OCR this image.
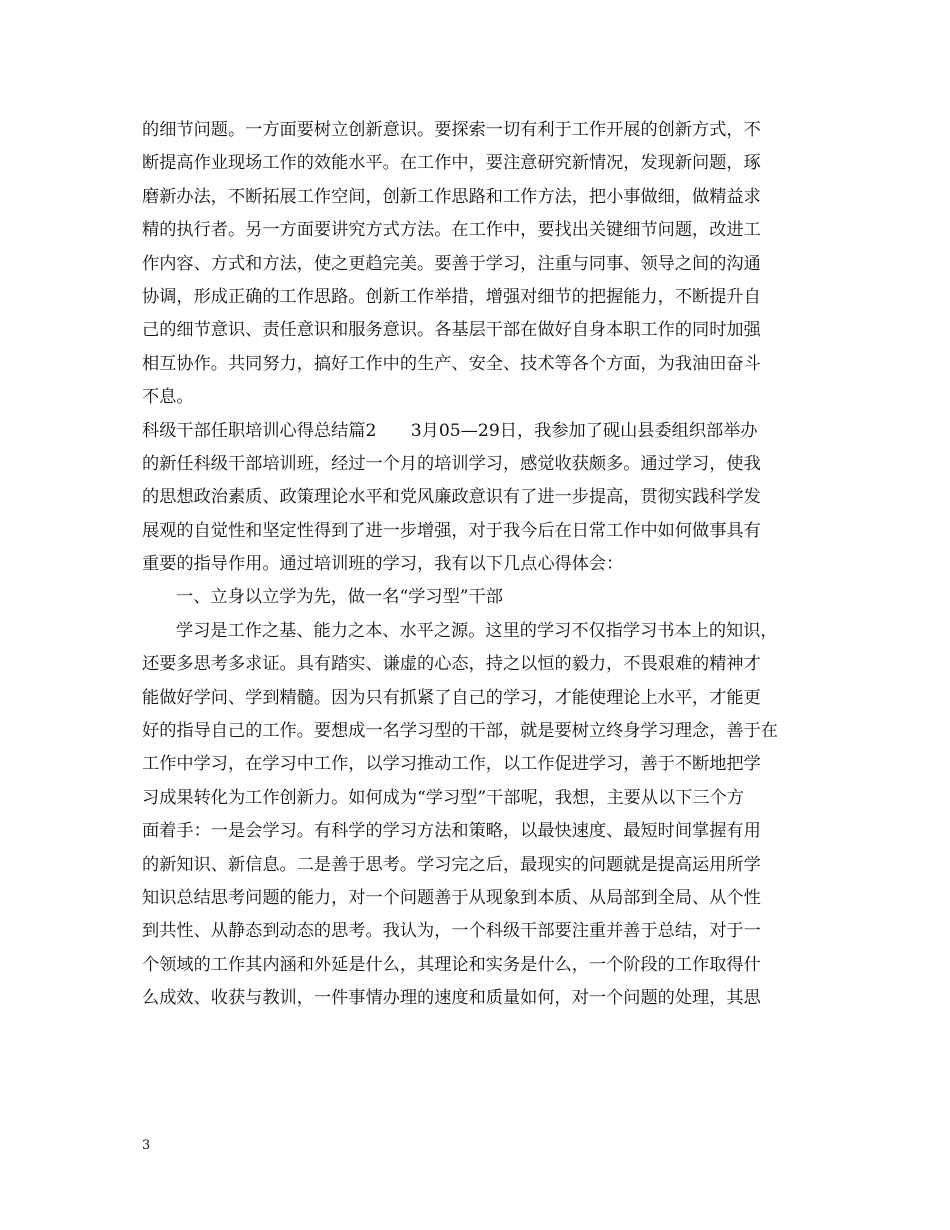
的细节问题。一方面要树立创新意识。要探索一切有利于工作开展的创新方式，不
断提高作业现场工作的效能水平。在工作中，要注意研究新情况，发现新问题，琢
磨新办法，不断拓展工作空间，创新工作思路和工作方法，把小事做细，做精益求
精的执行者。另一方面要讲究方式方法。在工作中，要找出关键细节问题，改进工
作内容、方式和方法，使之更趋完美。要善于学习，注重与同事、领导之间的沟通
协调，形成正确的工作思路。创新工作举措，增强对细节的把握能力，不断提升自
己的细节意识、责任意识和服务意识。各基层干部在做好自身本职工作的同时加强
相互协作。共同努力，搞好工作中的生产、安全、技术等各个方面，为我油田奋斗
不息。
科级干部任职培训心得总结篇2　　3月05—29日，我参加了砚山县委组织部举办
的新任科级干部培训班，经过一个月的培训学习，感觉收获颇多。通过学习，使我
的思想政治素质、政策理论水平和党风廉政意识有了进一步提高，贯彻实践科学发
展观的自觉性和坚定性得到了进一步增强，对于我今后在日常工作中如何做事具有
重要的指导作用。通过培训班的学习，我有以下几点心得体会：
一、立身以立学为先，做一名“学习型”干部
学习是工作之基、能力之本、水平之源。这里的学习不仅指学习书本上的知识，
还要多思考多求证。具有踏实、谦虚的心态，持之以恒的毅力，不畏艰难的精神才
能做好学问、学到精髓。因为只有抓紧了自己的学习，才能使理论上水平，才能更
好的指导自己的工作。要想成一名学习型的干部，就是要树立终身学习理念，善于在
工作中学习，在学习中工作，以学习推动工作，以工作促进学习，善于不断地把学
习成果转化为工作创新力。如何成为“学习型”干部呢，我想，主要从以下三个方
面着手：一是会学习。有科学的学习方法和策略，以最快速度、最短时间掌握有用
的新知识、新信息。二是善于思考。学习完之后，最现实的问题就是提高运用所学
知识总结思考问题的能力，对一个问题善于从现象到本质、从局部到全局、从个性
到共性、从静态到动态的思考。我认为，一个科级干部要注重并善于总结，对于一
个领域的工作其内涵和外延是什么，其理论和实务是什么，一个阶段的工作取得什
么成效、收获与教训，一件事情办理的速度和质量如何，对一个问题的处理，其思
3
